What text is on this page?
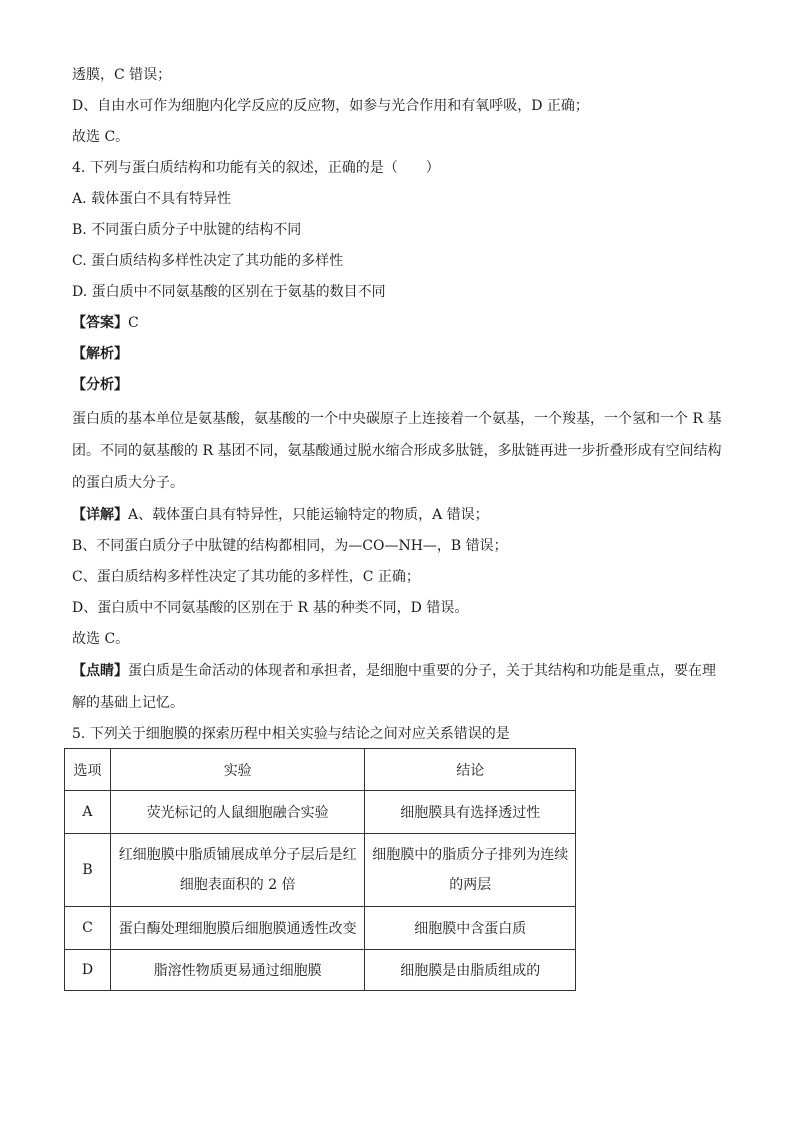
透膜，C 错误；
D、自由水可作为细胞内化学反应的反应物，如参与光合作用和有氧呼吸，D 正确；
故选 C。
4. 下列与蛋白质结构和功能有关的叙述，正确的是（　　）
A. 载体蛋白不具有特异性
B. 不同蛋白质分子中肽键的结构不同
C. 蛋白质结构多样性决定了其功能的多样性
D. 蛋白质中不同氨基酸的区别在于氨基的数目不同
【答案】C
【解析】
【分析】
蛋白质的基本单位是氨基酸，氨基酸的一个中央碳原子上连接着一个氨基，一个羧基，一个氢和一个 R 基团。不同的氨基酸的 R 基团不同，氨基酸通过脱水缩合形成多肽链，多肽链再进一步折叠形成有空间结构的蛋白质大分子。
【详解】A、载体蛋白具有特异性，只能运输特定的物质，A 错误；
B、不同蛋白质分子中肽键的结构都相同，为—CO—NH—，B 错误；
C、蛋白质结构多样性决定了其功能的多样性，C 正确；
D、蛋白质中不同氨基酸的区别在于 R 基的种类不同，D 错误。
故选 C。
【点睛】蛋白质是生命活动的体现者和承担者，是细胞中重要的分子，关于其结构和功能是重点，要在理解的基础上记忆。
5. 下列关于细胞膜的探索历程中相关实验与结论之间对应关系错误的是
选项	实验	结论
A	荧光标记的人鼠细胞融合实验	细胞膜具有选择透过性
B	红细胞膜中脂质铺展成单分子层后是红细胞表面积的 2 倍	细胞膜中的脂质分子排列为连续的两层
C	蛋白酶处理细胞膜后细胞膜通透性改变	细胞膜中含蛋白质
D	脂溶性物质更易通过细胞膜	细胞膜是由脂质组成的
